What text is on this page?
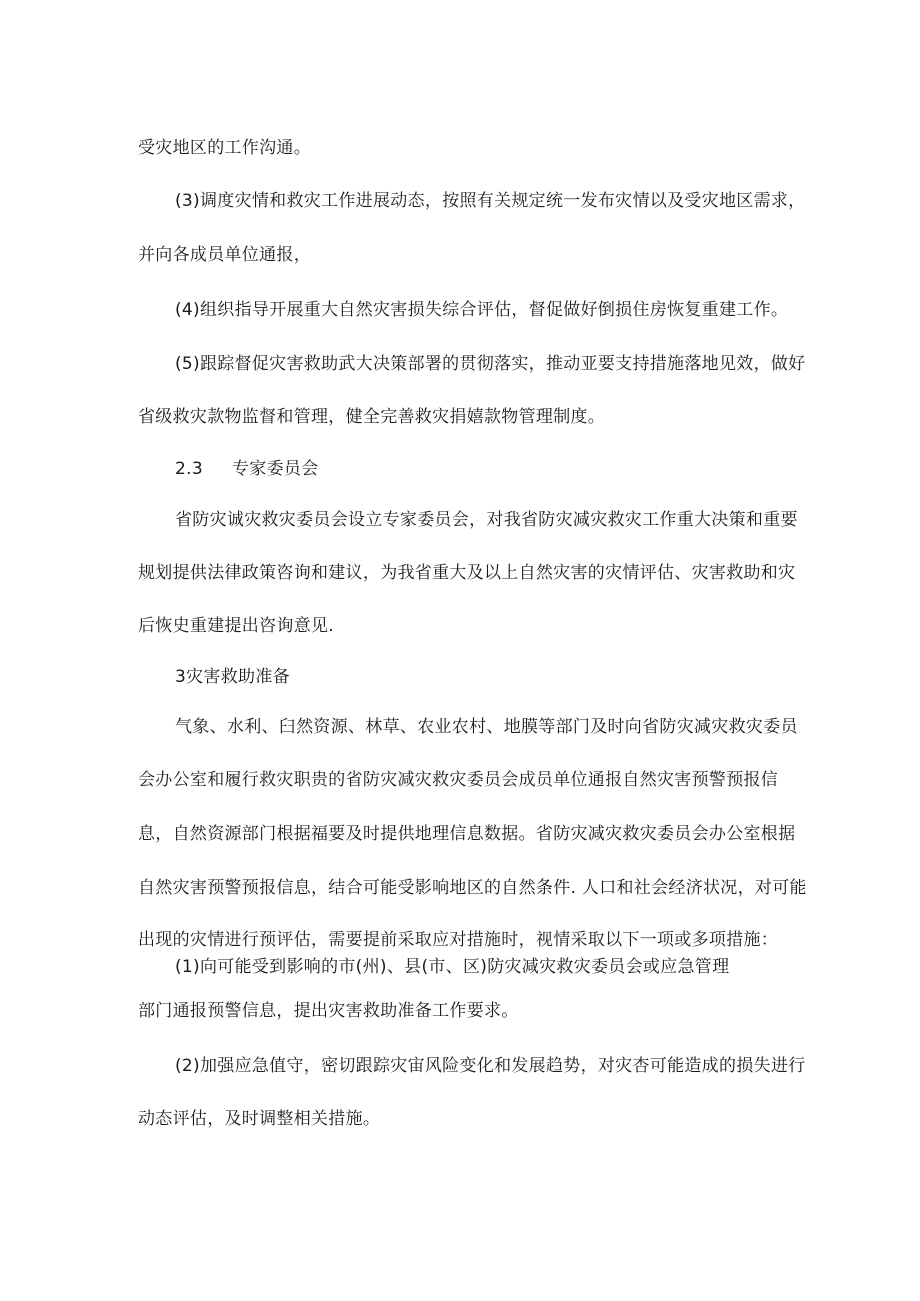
受灾地区的工作沟通。
(3)调度灾情和救灾工作进展动态，按照有关规定统一发布灾情以及受灾地区需求，
并向各成员单位通报，
(4)组织指导开展重大自然灾害损失综合评估，督促做好倒损住房恢复重建工作。
(5)跟踪督促灾害救助武大决策部署的贯彻落实，推动亚要支持措施落地见效，做好
省级救灾款物监督和管理，健全完善救灾捐嬉款物管理制度。
2.3 专家委员会
省防灾诚灾救灾委员会设立专家委员会，对我省防灾减灾救灾工作重大决策和重要
规划提供法律政策咨询和建议，为我省重大及以上自然灾害的灾情评估、灾害救助和灾
后恢史重建提出咨询意见.
3灾害救助准备
气象、水利、臼然资源、林草、农业农村、地膜等部门及时向省防灾减灾救灾委员
会办公室和履行救灾职贵的省防灾减灾救灾委员会成员单位通报自然灾害预警预报信
息，自然资源部门根据福要及时提供地理信息数据。省防灾减灾救灾委员会办公室根据
自然灾害预警预报信息，结合可能受影响地区的自然条件. 人口和社会经济状况，对可能
出现的灾情进行预评估，需要提前采取应对措施时，视情采取以下一项或多项措施：
(1)向可能受到影响的市(州)、县(市、区)防灾减灾救灾委员会或应急管理
部门通报预警信息，提出灾害救助准备工作要求。
(2)加强应急值守，密切跟踪灾宙风险变化和发展趋势，对灾杏可能造成的损失进行
动态评估，及时调整相关措施。
